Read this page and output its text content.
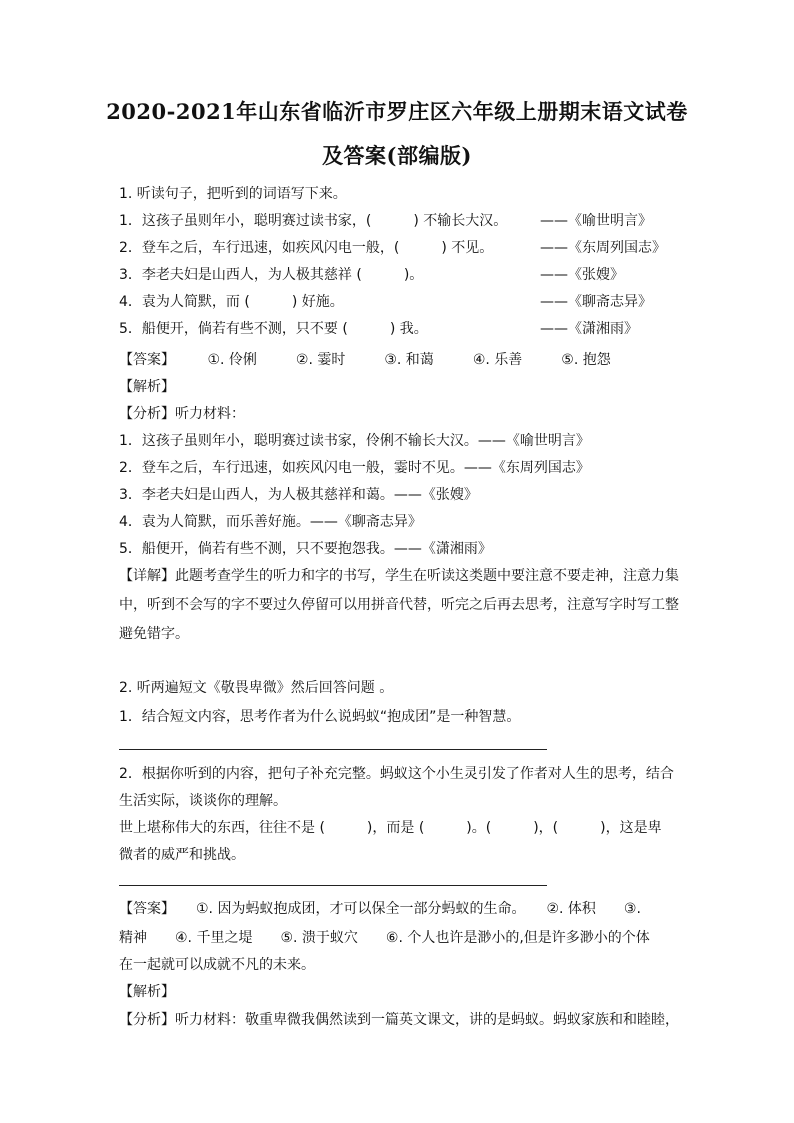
2020-2021年山东省临沂市罗庄区六年级上册期末语文试卷
及答案(部编版)
1. 听读句子，把听到的词语写下来。
1．这孩子虽则年小，聪明赛过读书家，(　　　) 不输长大汉。 ——《喻世明言》
2．登车之后，车行迅速，如疾风闪电一般，(　　　) 不见。	——《东周列国志》
3．李老夫妇是山西人，为人极其慈祥 (　　　)。	——《张嫂》
4．袁为人简默，而 (　　　) 好施。	——《聊斋志异》
5．船便开，倘若有些不测，只不要 (　　　) 我。	——《潇湘雨》
【答案】 ①. 伶俐	②. 霎时	③. 和蔼	④. 乐善	⑤. 抱怨
【解析】
【分析】听力材料：
1．这孩子虽则年小，聪明赛过读书家，伶俐不输长大汉。——《喻世明言》
2．登车之后，车行迅速，如疾风闪电一般，霎时不见。——《东周列国志》
3．李老夫妇是山西人，为人极其慈祥和蔼。——《张嫂》
4．袁为人简默，而乐善好施。——《聊斋志异》
5．船便开，倘若有些不测，只不要抱怨我。——《潇湘雨》
【详解】此题考查学生的听力和字的书写，学生在听读这类题中要注意不要走神，注意力集
中，听到不会写的字不要过久停留可以用拼音代替，听完之后再去思考，注意写字时写工整
避免错字。
2. 听两遍短文《敬畏卑微》然后回答问题 。
1．结合短文内容，思考作者为什么说蚂蚁“抱成团”是一种智慧。
2．根据你听到的内容，把句子补充完整。蚂蚁这个小生灵引发了作者对人生的思考，结合
生活实际，谈谈你的理解。
世上堪称伟大的东西，往往不是 (　　　)，而是 (　　　)。(　　　)，(　　　)，这是卑
微者的威严和挑战。
【答案】　　①. 因为蚂蚁抱成团，才可以保全一部分蚂蚁的生命。　　②. 体积　　③.
精神　　④. 千里之堤　　⑤. 溃于蚁穴　　⑥. 个人也许是渺小的,但是许多渺小的个体
在一起就可以成就不凡的未来。
【解析】
【分析】听力材料：敬重卑微我偶然读到一篇英文课文，讲的是蚂蚁。蚂蚁家族和和睦睦，
